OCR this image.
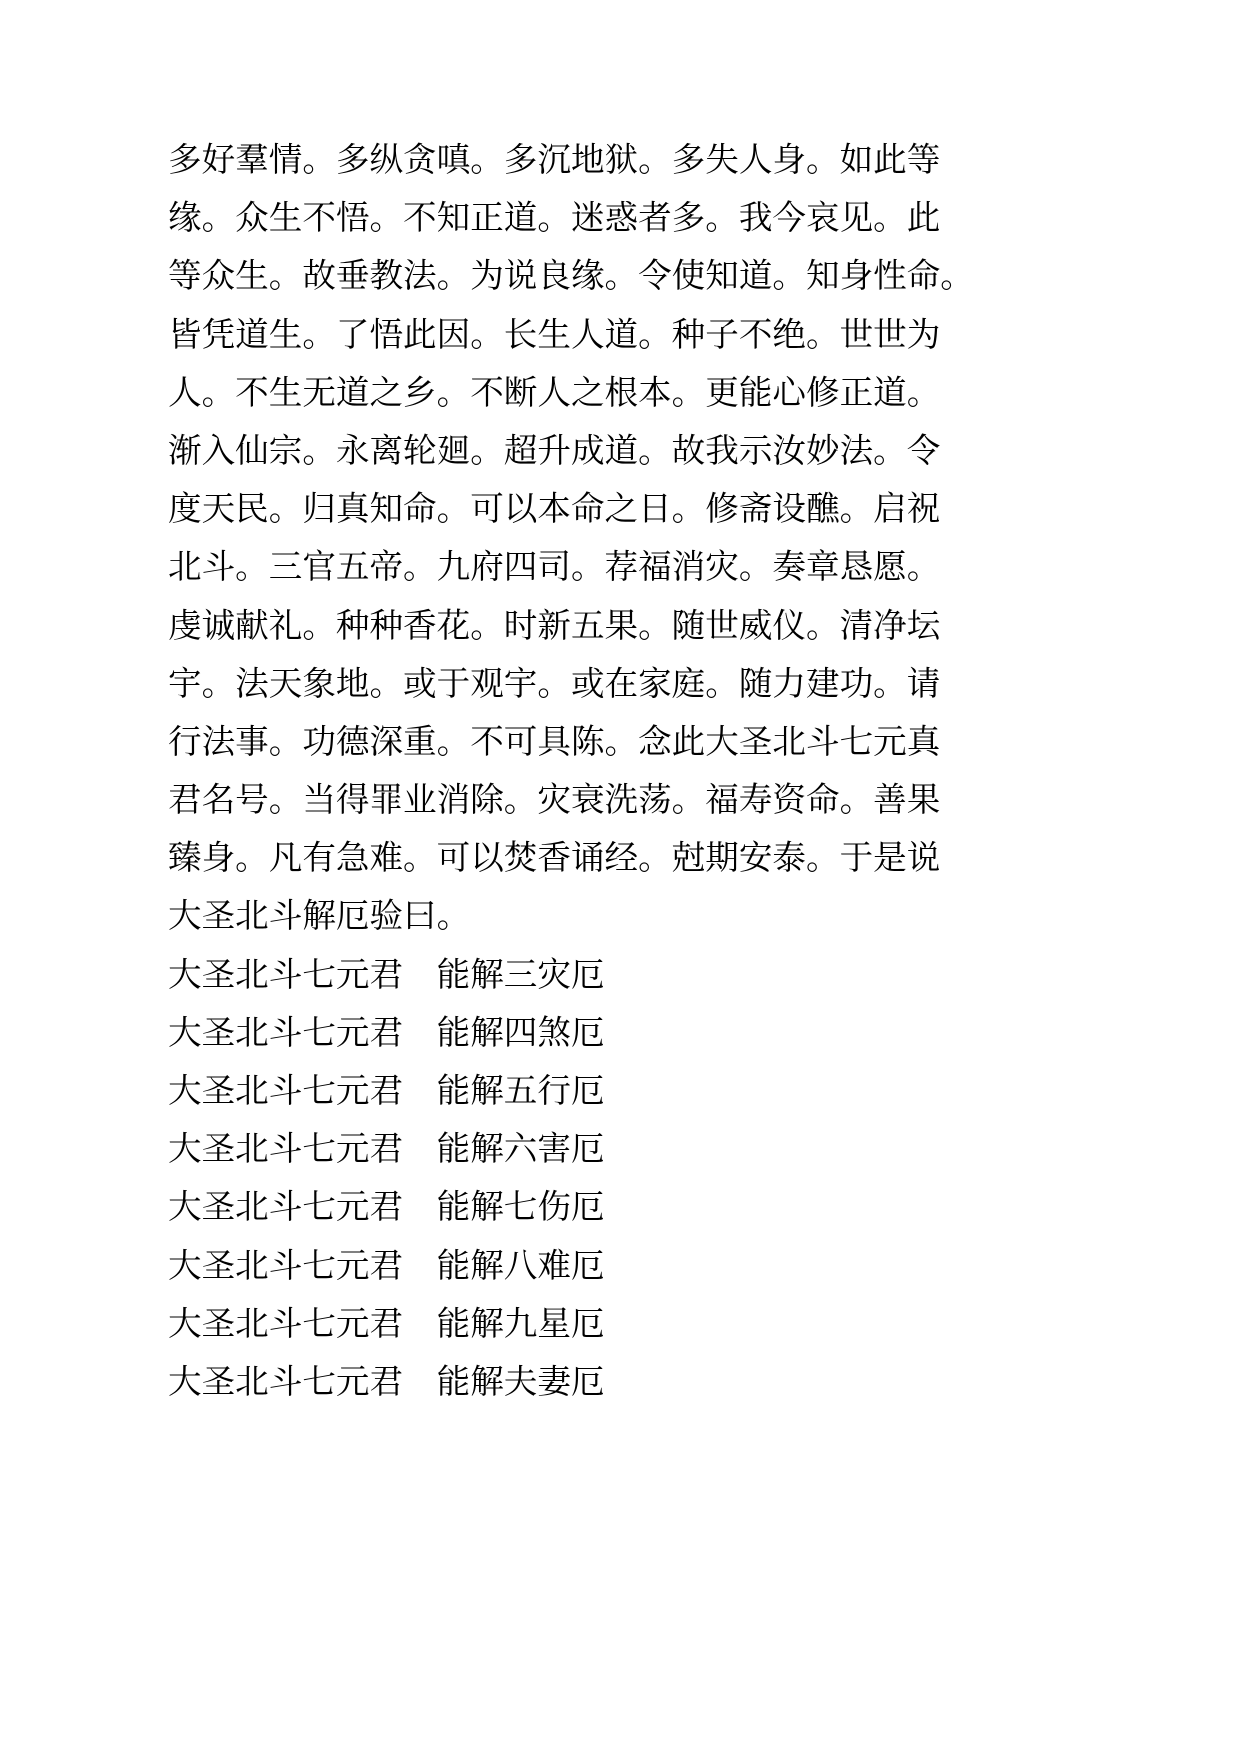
多好羣情。多纵贪嗔。多沉地狱。多失人身。如此等
缘。众生不悟。不知正道。迷惑者多。我今哀见。此
等众生。故垂教法。为说良缘。令使知道。知身性命。
皆凭道生。了悟此因。长生人道。种子不绝。世世为
人。不生无道之乡。不断人之根本。更能心修正道。
渐入仙宗。永离轮廻。超升成道。故我示汝妙法。令
度天民。归真知命。可以本命之日。修斋设醮。启祝
北斗。三官五帝。九府四司。荐福消灾。奏章恳愿。
虔诚献礼。种种香花。时新五果。随世威仪。清净坛
宇。法天象地。或于观宇。或在家庭。随力建功。请
行法事。功德深重。不可具陈。念此大圣北斗七元真
君名号。当得罪业消除。灾衰洗荡。福寿资命。善果
臻身。凡有急难。可以焚香诵经。尅期安泰。于是说
大圣北斗解厄验曰。
大圣北斗七元君　能解三灾厄
大圣北斗七元君　能解四煞厄
大圣北斗七元君　能解五行厄
大圣北斗七元君　能解六害厄
大圣北斗七元君　能解七伤厄
大圣北斗七元君　能解八难厄
大圣北斗七元君　能解九星厄
大圣北斗七元君　能解夫妻厄
